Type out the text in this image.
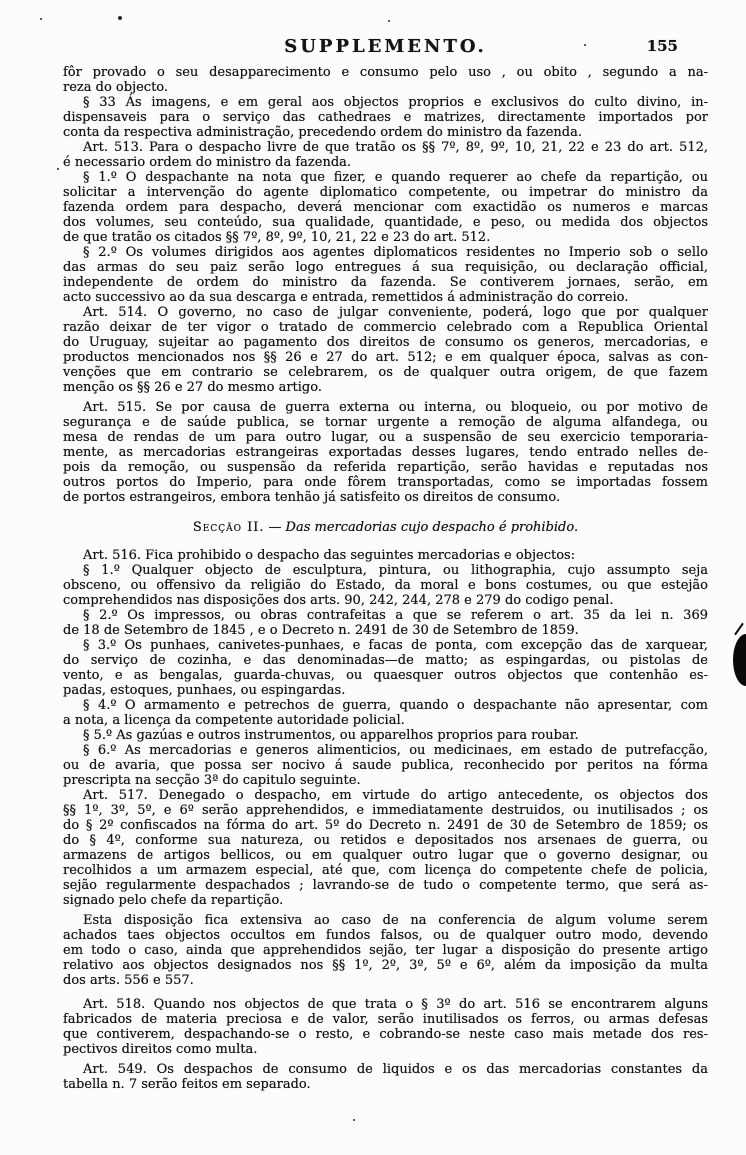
SUPPLEMENTO.	155
fôr provado o seu desapparecimento e consumo pelo uso , ou obito , segundo a na-
reza do objecto.
§ 33 Ás imagens, e em geral aos objectos proprios e exclusivos do culto divino, in-
dispensaveis para o serviço das cathedraes e matrizes, directamente importados por
conta da respectiva administração, precedendo ordem do ministro da fazenda.
Art. 513. Para o despacho livre de que tratão os §§ 7º, 8º, 9º, 10, 21, 22 e 23 do art. 512,
é necessario ordem do ministro da fazenda.
§ 1.º O despachante na nota que fizer, e quando requerer ao chefe da repartição, ou
solicitar a intervenção do agente diplomatico competente, ou impetrar do ministro da
fazenda ordem para despacho, deverá mencionar com exactidão os numeros e marcas
dos volumes, seu conteúdo, sua qualidade, quantidade, e peso, ou medida dos objectos
de que tratão os citados §§ 7º, 8º, 9º, 10, 21, 22 e 23 do art. 512.
§ 2.º Os volumes dirigidos aos agentes diplomaticos residentes no Imperio sob o sello
das armas do seu paiz serão logo entregues á sua requisição, ou declaração official,
independente de ordem do ministro da fazenda. Se contiverem jornaes, serão, em
acto successivo ao da sua descarga e entrada, remettidos á administração do correio.
Art. 514. O governo, no caso de julgar conveniente, poderá, logo que por qualquer
razão deixar de ter vigor o tratado de commercio celebrado com a Republica Oriental
do Uruguay, sujeitar ao pagamento dos direitos de consumo os generos, mercadorias, e
productos mencionados nos §§ 26 e 27 do art. 512; e em qualquer época, salvas as con-
venções que em contrario se celebrarem, os de qualquer outra origem, de que fazem
menção os §§ 26 e 27 do mesmo artigo.
Art. 515. Se por causa de guerra externa ou interna, ou bloqueio, ou por motivo de
segurança e de saúde publica, se tornar urgente a remoção de alguma alfandega, ou
mesa de rendas de um para outro lugar, ou a suspensão de seu exercicio temporaria-
mente, as mercadorias estrangeiras exportadas desses lugares, tendo entrado nelles de-
pois da remoção, ou suspensão da referida repartição, serão havidas e reputadas nos
outros portos do Imperio, para onde fôrem transportadas, como se importadas fossem
de portos estrangeiros, embora tenhão já satisfeito os direitos de consumo.
Secção II. — Das mercadorias cujo despacho é prohibido.
Art. 516. Fica prohibido o despacho das seguintes mercadorias e objectos:
§ 1.º Qualquer objecto de esculptura, pintura, ou lithographia, cujo assumpto seja
obsceno, ou offensivo da religião do Estado, da moral e bons costumes, ou que estejão
comprehendidos nas disposições dos arts. 90, 242, 244, 278 e 279 do codigo penal.
§ 2.º Os impressos, ou obras contrafeitas a que se referem o art. 35 da lei n. 369
de 18 de Setembro de 1845 , e o Decreto n. 2491 de 30 de Setembro de 1859.
§ 3.º Os punhaes, canivetes-punhaes, e facas de ponta, com excepção das de xarquear,
do serviço de cozinha, e das denominadas—de matto; as espingardas, ou pistolas de
vento, e as bengalas, guarda-chuvas, ou quaesquer outros objectos que contenhão es-
padas, estoques, punhaes, ou espingardas.
§ 4.º O armamento e petrechos de guerra, quando o despachante não apresentar, com
a nota, a licença da competente autoridade policial.
§ 5.º As gazúas e outros instrumentos, ou apparelhos proprios para roubar.
§ 6.º As mercadorias e generos alimenticios, ou medicinaes, em estado de putrefacção,
ou de avaria, que possa ser nocivo á saude publica, reconhecido por peritos na fórma
prescripta na secção 3ª do capitulo seguinte.
Art. 517. Denegado o despacho, em virtude do artigo antecedente, os objectos dos
§§ 1º, 3º, 5º, e 6º serão apprehendidos, e immediatamente destruidos, ou inutilisados ; os
do § 2º confiscados na fórma do art. 5º do Decreto n. 2491 de 30 de Setembro de 1859; os
do § 4º, conforme sua natureza, ou retidos e depositados nos arsenaes de guerra, ou
armazens de artigos bellicos, ou em qualquer outro lugar que o governo designar, ou
recolhidos a um armazem especial, até que, com licença do competente chefe de policia,
sejão regularmente despachados ; lavrando-se de tudo o competente termo, que será as-
signado pelo chefe da repartição.
Esta disposição fica extensiva ao caso de na conferencia de algum volume serem
achados taes objectos occultos em fundos falsos, ou de qualquer outro modo, devendo
em todo o caso, ainda que apprehendidos sejão, ter lugar a disposição do presente artigo
relativo aos objectos designados nos §§ 1º, 2º, 3º, 5º e 6º, além da imposição da multa
dos arts. 556 e 557.
Art. 518. Quando nos objectos de que trata o § 3º do art. 516 se encontrarem alguns
fabricados de materia preciosa e de valor, serão inutilisados os ferros, ou armas defesas
que contiverem, despachando-se o resto, e cobrando-se neste caso mais metade dos res-
pectivos direitos como multa.
Art. 549. Os despachos de consumo de liquidos e os das mercadorias constantes da
tabella n. 7 serão feitos em separado.
